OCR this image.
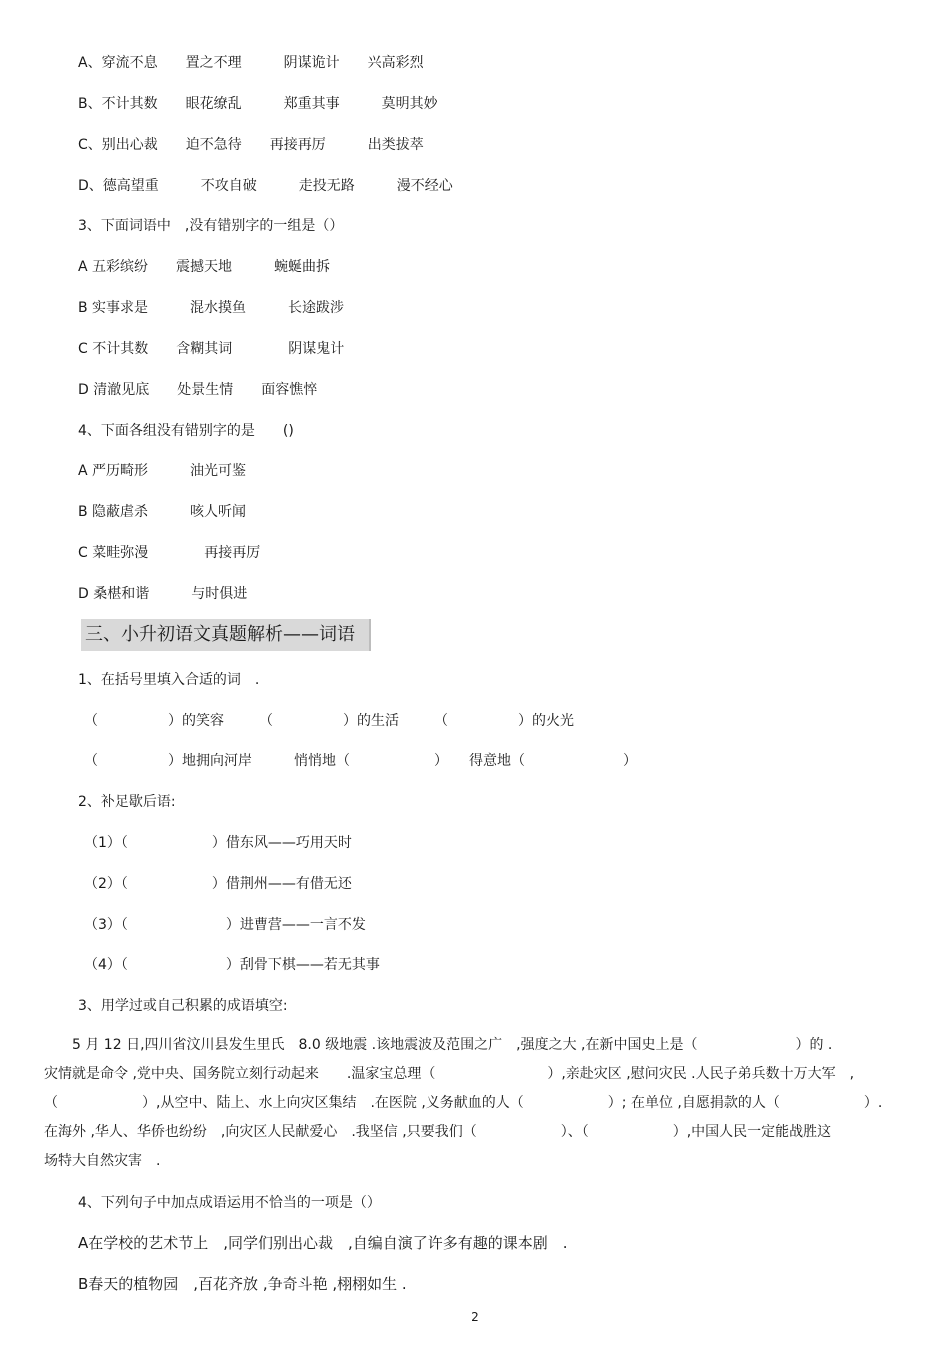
A、穿流不息　　置之不理　　　阴谋诡计　　兴高彩烈
B、不计其数　　眼花缭乱　　　郑重其事　　　莫明其妙
C、别出心裁　　迫不急待　　再接再厉　　　出类拔萃
D、德高望重　　　不攻自破　　　走投无路　　　漫不经心
3、下面词语中　,没有错别字的一组是（）
A 五彩缤纷　　震撼天地　　　蜿蜒曲拆
B 实事求是　　　混水摸鱼　　　长途跋涉
C 不计其数　　含糊其词　　　　阴谋鬼计
D 清澈见底　　处景生情　　面容憔悴
4、下面各组没有错别字的是　　()
A 严历畸形　　　油光可鉴
B 隐蔽虐杀　　　咳人听闻
C 菜畦弥漫　　　　再接再厉
D 桑椹和谐　　　与时俱进
三、小升初语文真题解析——词语
1、在括号里填入合适的词　.
（　　　　　）的笑容　　　（　　　　　）的生活　　　（　　　　　）的火光
（　　　　　）地拥向河岸　　　悄悄地（　　　　　　）　　得意地（　　　　　　　）
2、补足歇后语:
（1）（　　　　　　）借东风——巧用天时
（2）（　　　　　　）借荆州——有借无还
（3）（　　　　　　　）进曹营——一言不发
（4）（　　　　　　　）刮骨下棋——若无其事
3、用学过或自己积累的成语填空:
　　5 月 12 日,四川省汶川县发生里氏　8.0 级地震 .该地震波及范围之广　,强度之大 ,在新中国史上是（　　　　　　　）的 .
灾情就是命令 ,党中央、国务院立刻行动起来　　.温家宝总理（　　　　　　　　）,亲赴灾区 ,慰问灾民 .人民子弟兵数十万大军　,
（　　　　　　）,从空中、陆上、水上向灾区集结　.在医院 ,义务献血的人（　　　　　　）; 在单位 ,自愿捐款的人（　　　　　　）.
在海外 ,华人、华侨也纷纷　,向灾区人民献爱心　.我坚信 ,只要我们（　　　　　　）、（　　　　　　）,中国人民一定能战胜这
场特大自然灾害　.
4、下列句子中加点成语运用不恰当的一项是（）
A在学校的艺术节上　,同学们别出心裁　,自编自演了许多有趣的课本剧　.
B春天的植物园　,百花齐放 ,争奇斗艳 ,栩栩如生 .
2
